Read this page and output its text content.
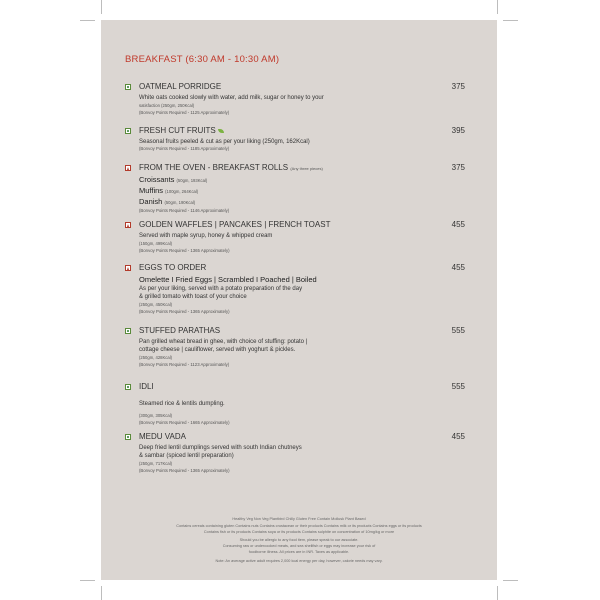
BREAKFAST (6:30 AM - 10:30 AM)
OATMEAL PORRIDGE	375
White oats cooked slowly with water, add milk, sugar or honey to your
satisfaction (250gm, 250Kcal)
(Bonvoy Points Required - 1125 Approximately)
FRESH CUT FRUITS	395
Seasonal fruits peeled & cut as per your liking (250gm, 162Kcal)
(Bonvoy Points Required - 1185 Approximately)
FROM THE OVEN - BREAKFAST ROLLS (Any three pieces)	375
Croissants (50gm, 193Kcal)
Muffins (100gm, 264Kcal)
Danish (50gm, 190Kcal)
(Bonvoy Points Required - 1146 Approximately)
GOLDEN WAFFLES | PANCAKES | FRENCH TOAST	455
Served with maple syrup, honey & whipped cream
(150gm, 499Kcal)
(Bonvoy Points Required - 1365 Approximately)
EGGS TO ORDER	455
Omelette I Fried Eggs | Scrambled I Poached | Boiled
As per your liking, served with a potato preparation of the day
& grilled tomato with toast of your choice
(250gm, 450Kcal)
(Bonvoy Points Required - 1365 Approximately)
STUFFED PARATHAS	555
Pan grilled wheat bread in ghee, with choice of stuffing: potato |
cottage cheese | cauliflower, served with yoghurt & pickles.
(250gm, 428Kcal)
(Bonvoy Points Required - 1123 Approximately)
IDLI	555
Steamed rice & lentils dumpling.
(300gm, 305Kcal)
(Bonvoy Points Required - 1665 Approximately)
MEDU VADA	455
Deep fried lentil dumplings served with south Indian chutneys
& sambar (spiced lentil preparation)
(250gm, 717Kcal)
(Bonvoy Points Required - 1365 Approximately)
Healthy Veg Non Veg Plantbird Chilly Gluten Free Contain Mollusk Plant Based
Contains cereals containing gluten Contains nuts Contains crustacean or their products Contains milk or its products Contains eggs or its products
Contains fish or its products Contains soya or its products Contains sulphite on concentration of 10mg/kg or more
Should you be allergic to any food item, please speak to our associate.
Consuming raw or undercooked meats, and sea shellfish or eggs may increase your risk of
foodborne illness. All prices are in INR. Taxes as applicable.
Note: An average active adult requires 2,000 kcal energy per day, however, calorie needs may vary.
